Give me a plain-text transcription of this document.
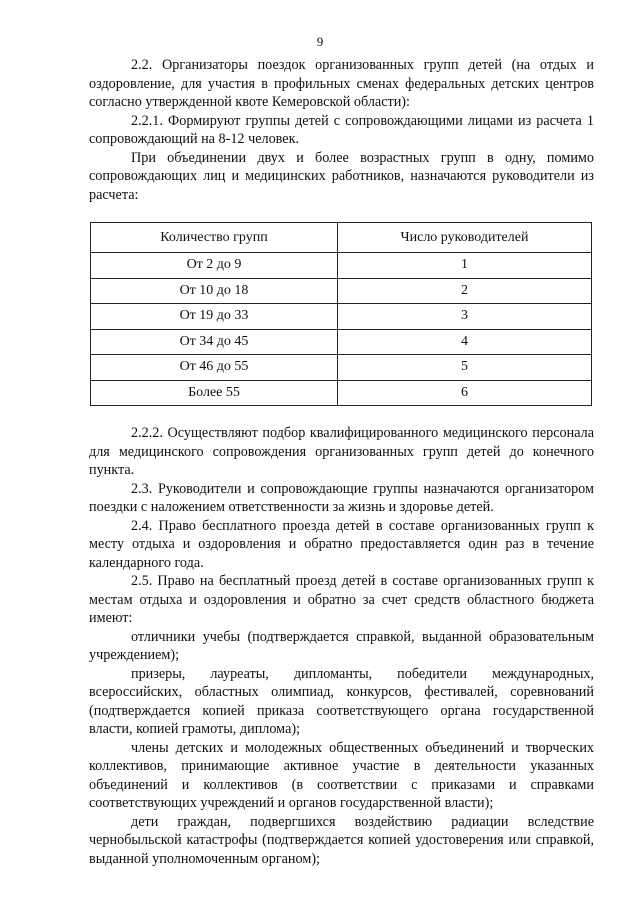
9

2.2. Организаторы поездок организованных групп детей (на отдых и оздоровление, для участия в профильных сменах федеральных детских центров согласно утвержденной квоте Кемеровской области):

2.2.1. Формируют группы детей с сопровождающими лицами из расчета 1 сопровождающий на 8-12 человек.

При объединении двух и более возрастных групп в одну, помимо сопровождающих лиц и медицинских работников, назначаются руководители из расчета:

Количество групп	Число руководителей
От 2 до 9	1
От 10 до 18	2
От 19 до 33	3
От 34 до 45	4
От 46 до 55	5
Более 55	6

2.2.2. Осуществляют подбор квалифицированного медицинского персонала для медицинского сопровождения организованных групп детей до конечного пункта.

2.3. Руководители и сопровождающие группы назначаются организатором поездки с наложением ответственности за жизнь и здоровье детей.

2.4. Право бесплатного проезда детей в составе организованных групп к месту отдыха и оздоровления и обратно предоставляется один раз в течение календарного года.

2.5. Право на бесплатный проезд детей в составе организованных групп к местам отдыха и оздоровления и обратно за счет средств областного бюджета имеют:

отличники учебы (подтверждается справкой, выданной образовательным учреждением);

призеры, лауреаты, дипломанты, победители международных, всероссийских, областных олимпиад, конкурсов, фестивалей, соревнований (подтверждается копией приказа соответствующего органа государственной власти, копией грамоты, диплома);

члены детских и молодежных общественных объединений и творческих коллективов, принимающие активное участие в деятельности указанных объединений и коллективов (в соответствии с приказами и справками соответствующих учреждений и органов государственной власти);

дети граждан, подвергшихся воздействию радиации вследствие чернобыльской катастрофы (подтверждается копией удостоверения или справкой, выданной уполномоченным органом);
